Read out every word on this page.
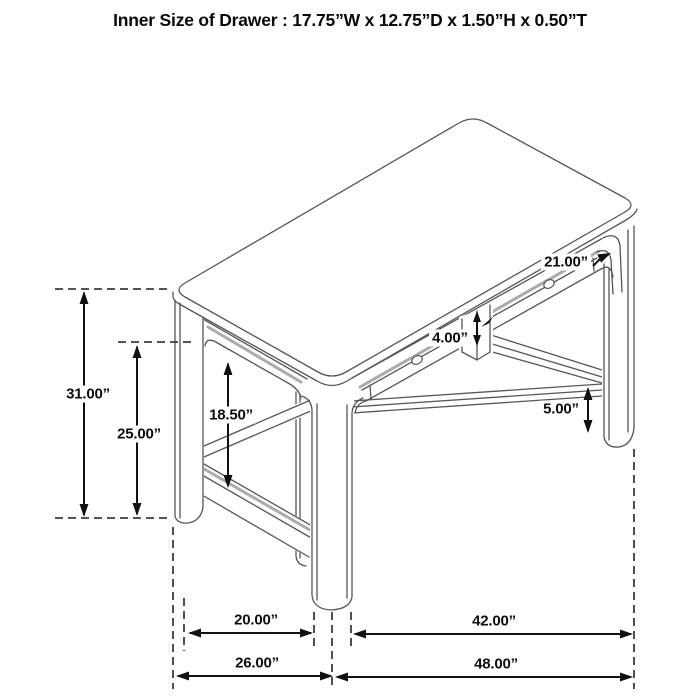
Inner Size of Drawer : 17.75”W x 12.75”D x 1.50”H x 0.50”T
21.00”
4.00”
31.00”
25.00”
18.50”	5.00”
20.00”	42.00”
26.00”	48.00”
